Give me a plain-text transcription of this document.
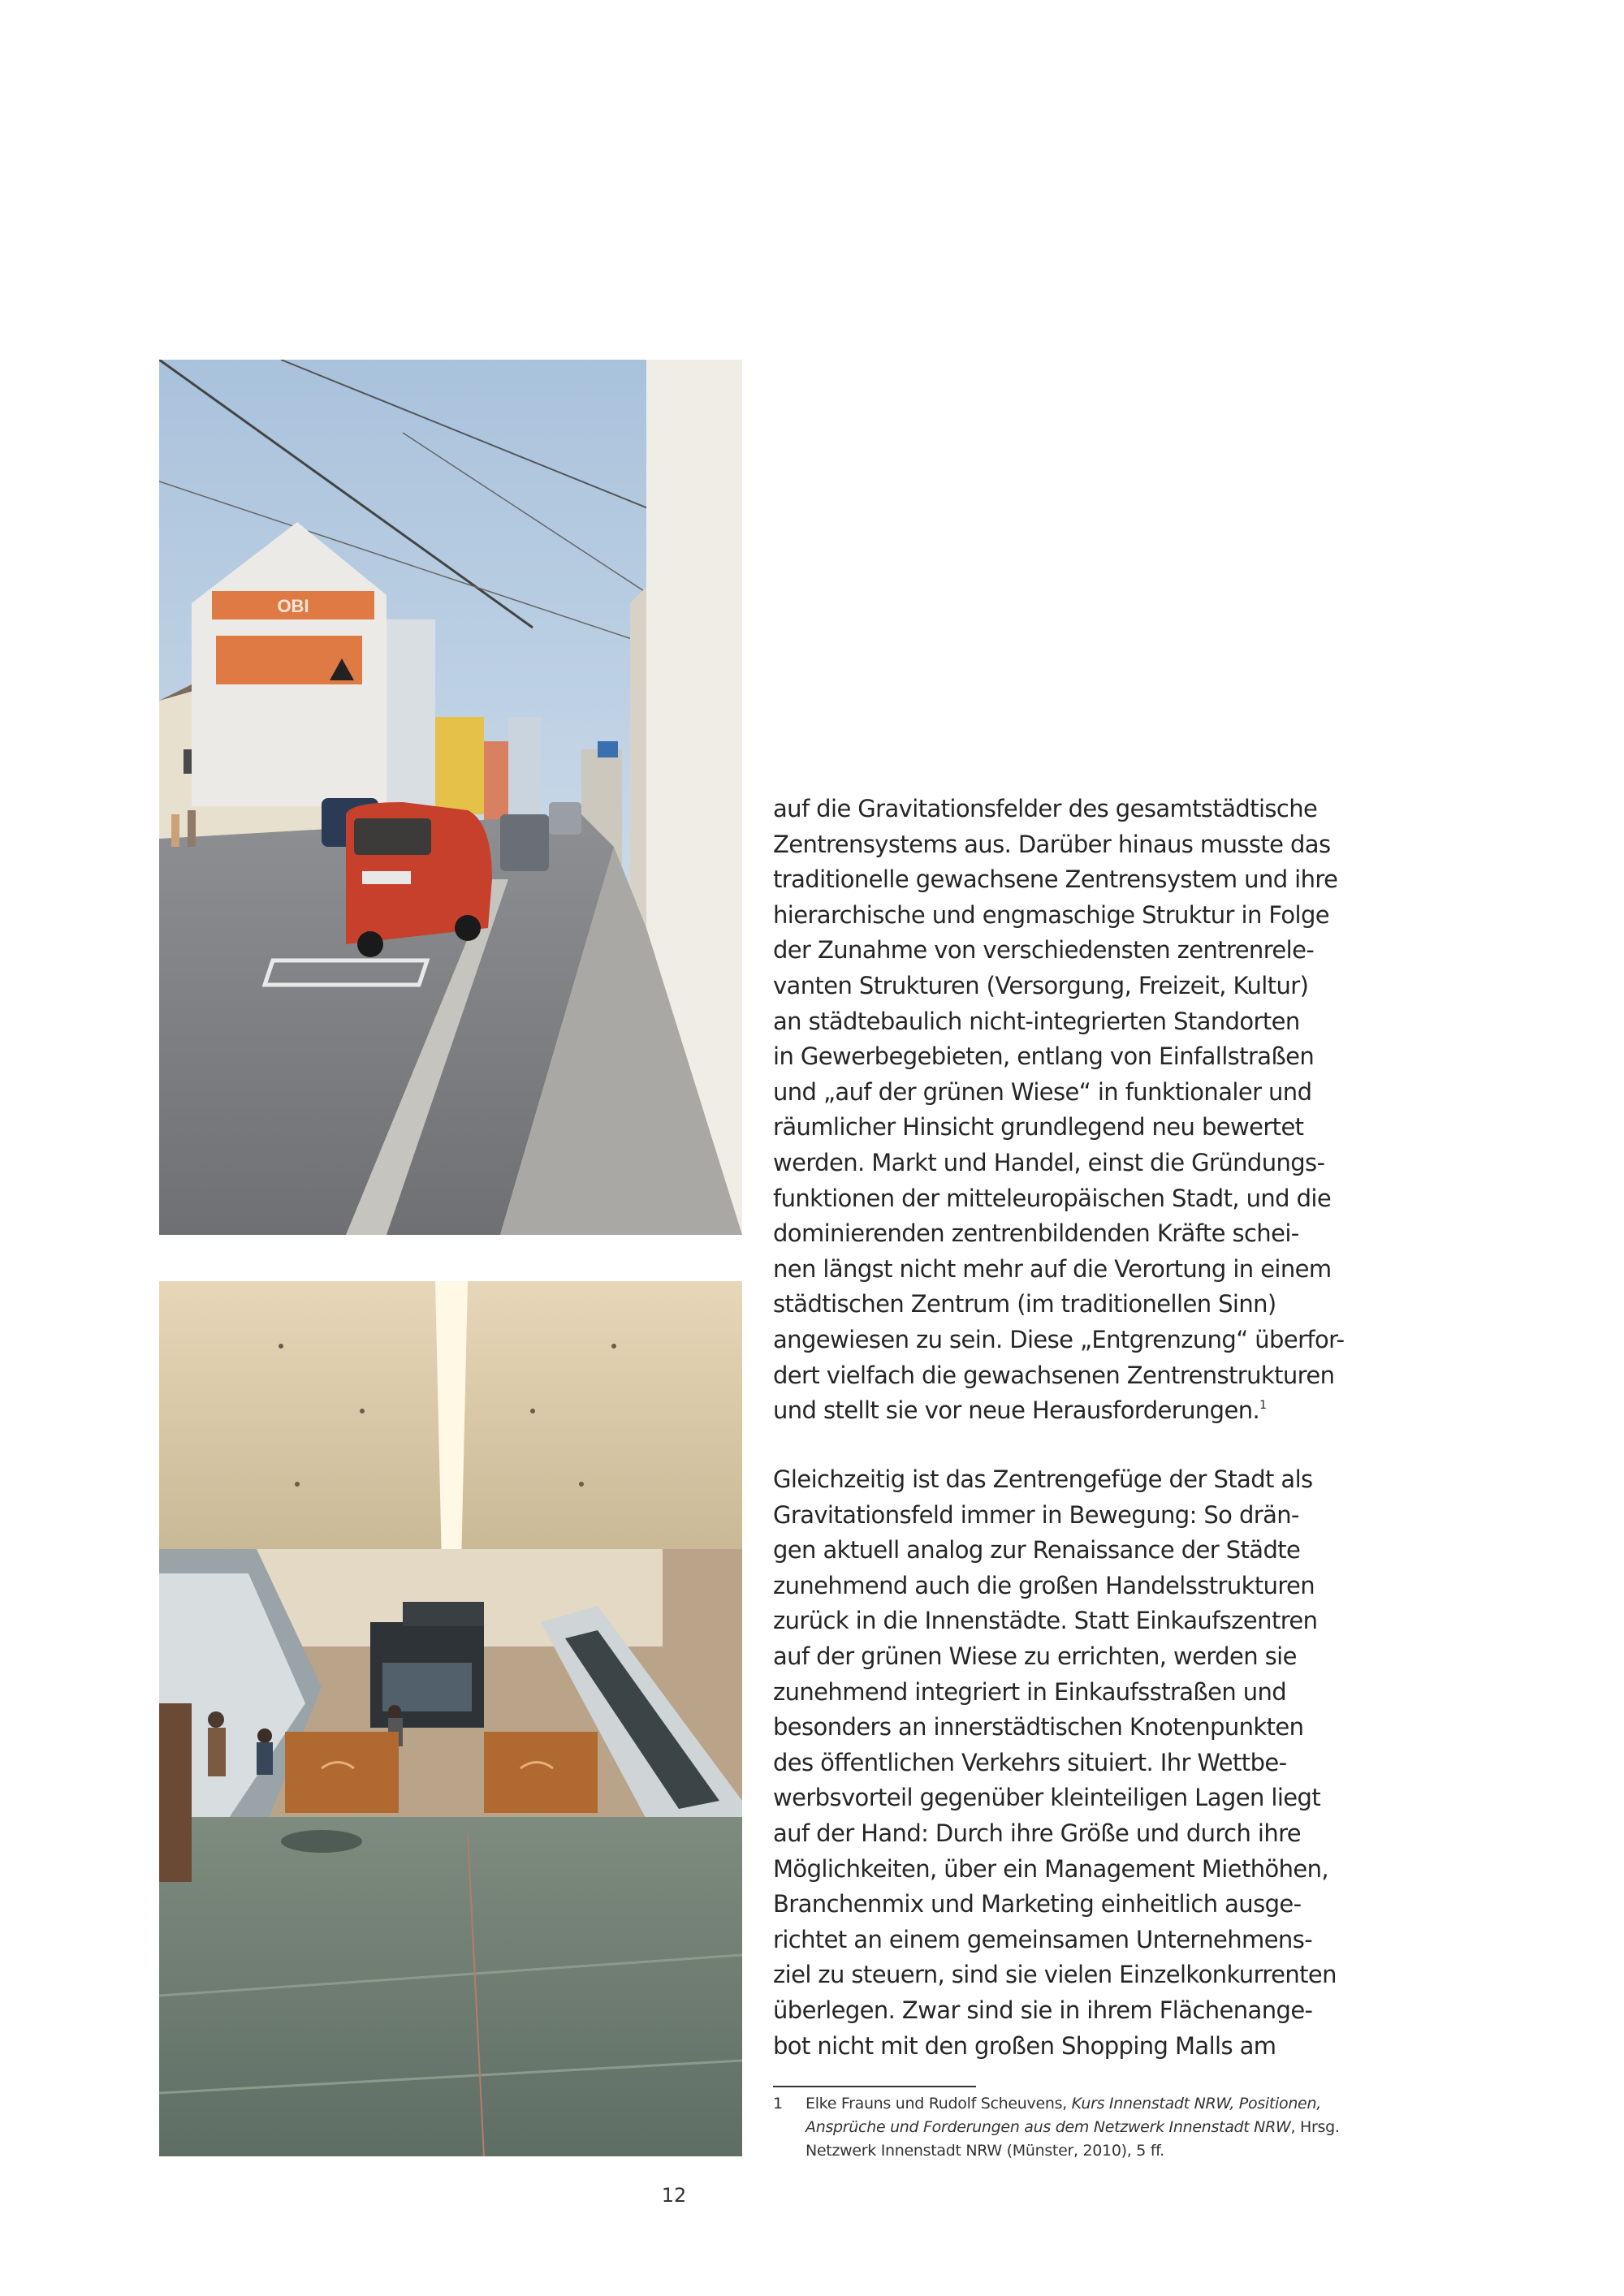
OBI

auf die Gravitationsfelder des gesamtstädtische
Zentrensystems aus. Darüber hinaus musste das
traditionelle gewachsene Zentrensystem und ihre
hierarchische und engmaschige Struktur in Folge
der Zunahme von verschiedensten zentrenrele-
vanten Strukturen (Versorgung, Freizeit, Kultur)
an städtebaulich nicht-integrierten Standorten
in Gewerbegebieten, entlang von Einfallstraßen
und „auf der grünen Wiese“ in funktionaler und
räumlicher Hinsicht grundlegend neu bewertet
werden. Markt und Handel, einst die Gründungs-
funktionen der mitteleuropäischen Stadt, und die
dominierenden zentrenbildenden Kräfte schei-
nen längst nicht mehr auf die Verortung in einem
städtischen Zentrum (im traditionellen Sinn)
angewiesen zu sein. Diese „Entgrenzung“ überfor-
dert vielfach die gewachsenen Zentrenstrukturen
und stellt sie vor neue Herausforderungen.$^1$

Gleichzeitig ist das Zentrengefüge der Stadt als
Gravitationsfeld immer in Bewegung: So drän-
gen aktuell analog zur Renaissance der Städte
zunehmend auch die großen Handelsstrukturen
zurück in die Innenstädte. Statt Einkaufszentren
auf der grünen Wiese zu errichten, werden sie
zunehmend integriert in Einkaufsstraßen und
besonders an innerstädtischen Knotenpunkten
des öffentlichen Verkehrs situiert. Ihr Wettbe-
werbsvorteil gegenüber kleinteiligen Lagen liegt
auf der Hand: Durch ihre Größe und durch ihre
Möglichkeiten, über ein Management Miethöhen,
Branchenmix und Marketing einheitlich ausge-
richtet an einem gemeinsamen Unternehmens-
ziel zu steuern, sind sie vielen Einzelkonkurrenten
überlegen. Zwar sind sie in ihrem Flächenange-
bot nicht mit den großen Shopping Malls am

1 Elke Frauns und Rudolf Scheuvens, Kurs Innenstadt NRW, Positionen,
Ansprüche und Forderungen aus dem Netzwerk Innenstadt NRW, Hrsg.
Netzwerk Innenstadt NRW (Münster, 2010), 5 ff.
12
